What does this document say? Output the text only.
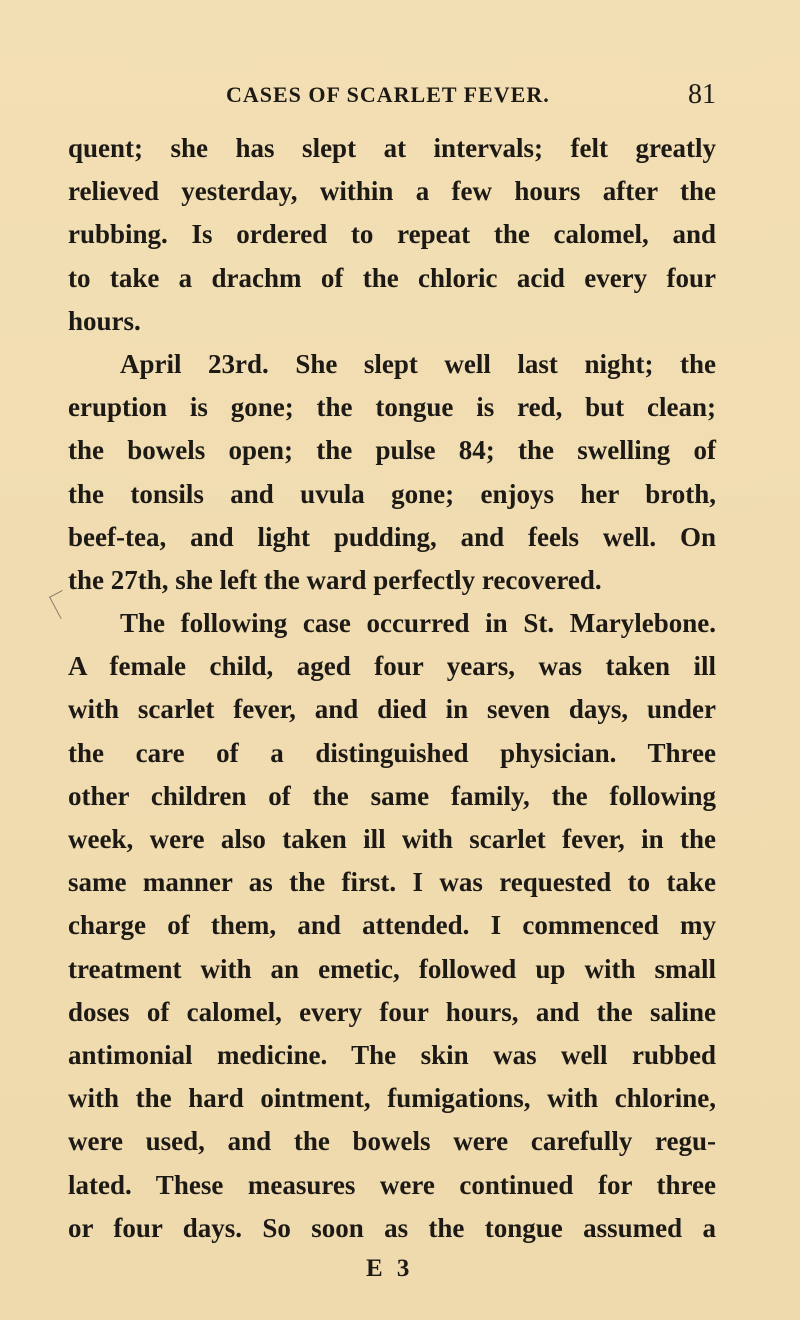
CASES OF SCARLET FEVER.	81
quent; she has slept at intervals; felt greatly
relieved yesterday, within a few hours after the
rubbing. Is ordered to repeat the calomel, and
to take a drachm of the chloric acid every four
hours.
April 23rd. She slept well last night; the
eruption is gone; the tongue is red, but clean;
the bowels open; the pulse 84; the swelling of
the tonsils and uvula gone; enjoys her broth,
beef-tea, and light pudding, and feels well. On
the 27th, she left the ward perfectly recovered.
The following case occurred in St. Marylebone.
A female child, aged four years, was taken ill
with scarlet fever, and died in seven days, under
the care of a distinguished physician. Three
other children of the same family, the following
week, were also taken ill with scarlet fever, in the
same manner as the first. I was requested to take
charge of them, and attended. I commenced my
treatment with an emetic, followed up with small
doses of calomel, every four hours, and the saline
antimonial medicine. The skin was well rubbed
with the hard ointment, fumigations, with chlorine,
were used, and the bowels were carefully regu-
lated. These measures were continued for three
or four days. So soon as the tongue assumed a
E 3
